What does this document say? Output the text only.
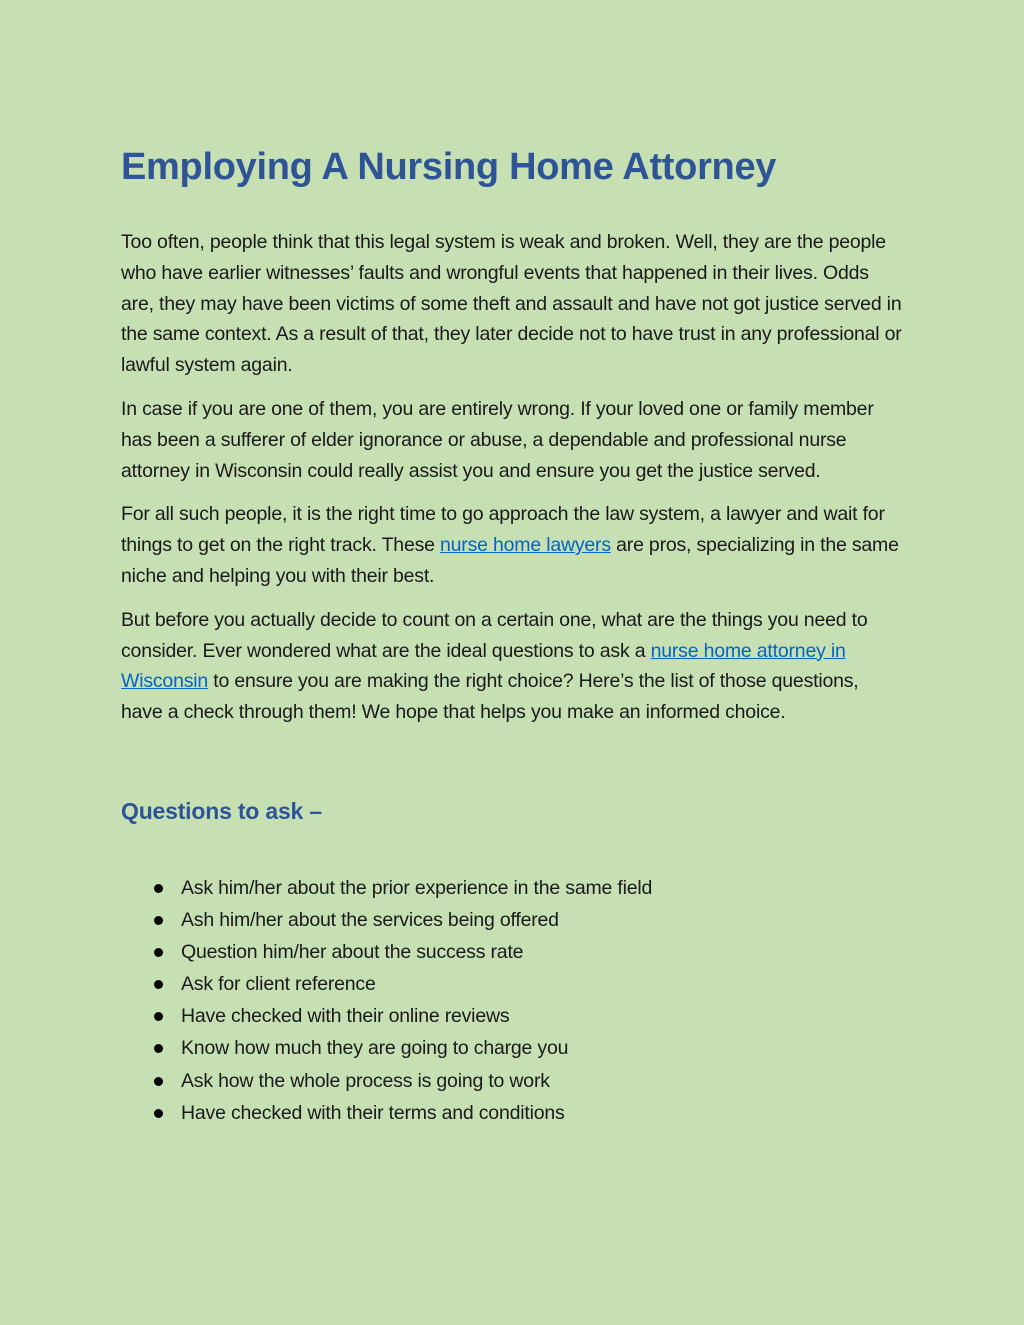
Employing A Nursing Home Attorney

Too often, people think that this legal system is weak and broken. Well, they are the people who have earlier witnesses’ faults and wrongful events that happened in their lives. Odds are, they may have been victims of some theft and assault and have not got justice served in the same context. As a result of that, they later decide not to have trust in any professional or lawful system again.

In case if you are one of them, you are entirely wrong. If your loved one or family member has been a sufferer of elder ignorance or abuse, a dependable and professional nurse attorney in Wisconsin could really assist you and ensure you get the justice served.

For all such people, it is the right time to go approach the law system, a lawyer and wait for things to get on the right track. These nurse home lawyers are pros, specializing in the same niche and helping you with their best.

But before you actually decide to count on a certain one, what are the things you need to consider. Ever wondered what are the ideal questions to ask a nurse home attorney in Wisconsin to ensure you are making the right choice? Here’s the list of those questions, have a check through them! We hope that helps you make an informed choice.

Questions to ask –
Ask him/her about the prior experience in the same field
Ash him/her about the services being offered
Question him/her about the success rate
Ask for client reference
Have checked with their online reviews
Know how much they are going to charge you
Ask how the whole process is going to work
Have checked with their terms and conditions
